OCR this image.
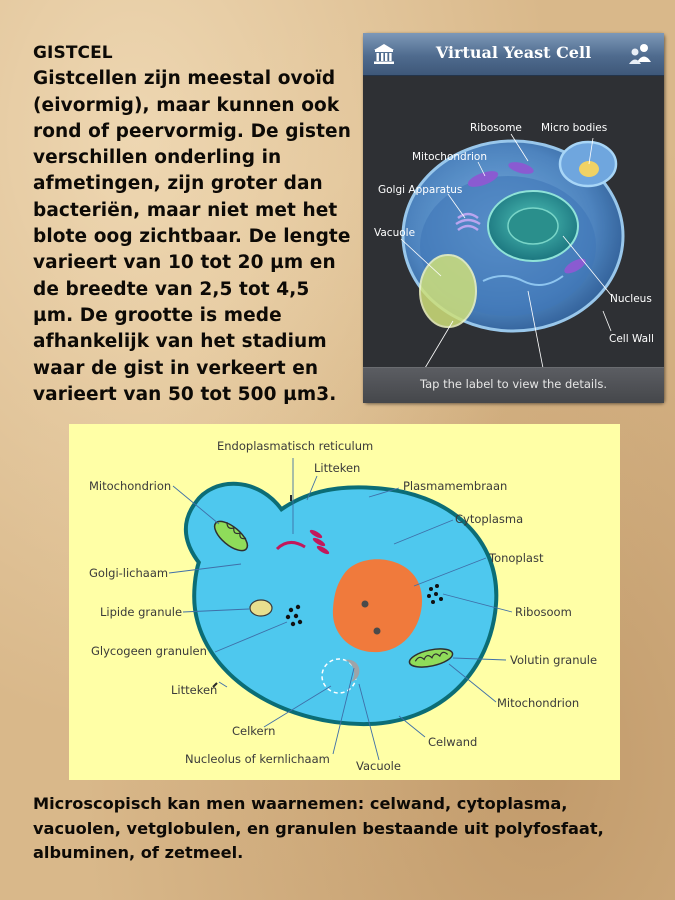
GISTCEL
Gistcellen zijn meestal ovoïd (eivormig), maar kunnen ook rond of peervormig. De gisten verschillen onderling in afmetingen, zijn groter dan bacteriën, maar niet met het blote oog zichtbaar. De lengte varieert van 10 tot 20 µm en de breedte van 2,5 tot 4,5 µm. De grootte is mede afhankelijk van het stadium waar de gist in verkeert en varieert van 50 tot 500 µm3.
Virtual Yeast Cell
Ribosome Micro bodies
Mitochondrion
Golgi Apparatus
Vacuole
Nucleus
Cell Wall
Tap the label to view the details.
Endoplasmatisch reticulum
Litteken
Mitochondrion	Plasmamembraan
Cytoplasma
Tonoplast
Golgi-lichaam
Lipide granule	Ribosoom
Glycogeen granulen
Volutin granule
Litteken
Mitochondrion
Celkern
Celwand
Nucleolus of kernlichaam Vacuole
Microscopisch kan men waarnemen: celwand, cytoplasma, vacuolen, vetglobulen, en granulen bestaande uit polyfosfaat, albuminen, of zetmeel.
